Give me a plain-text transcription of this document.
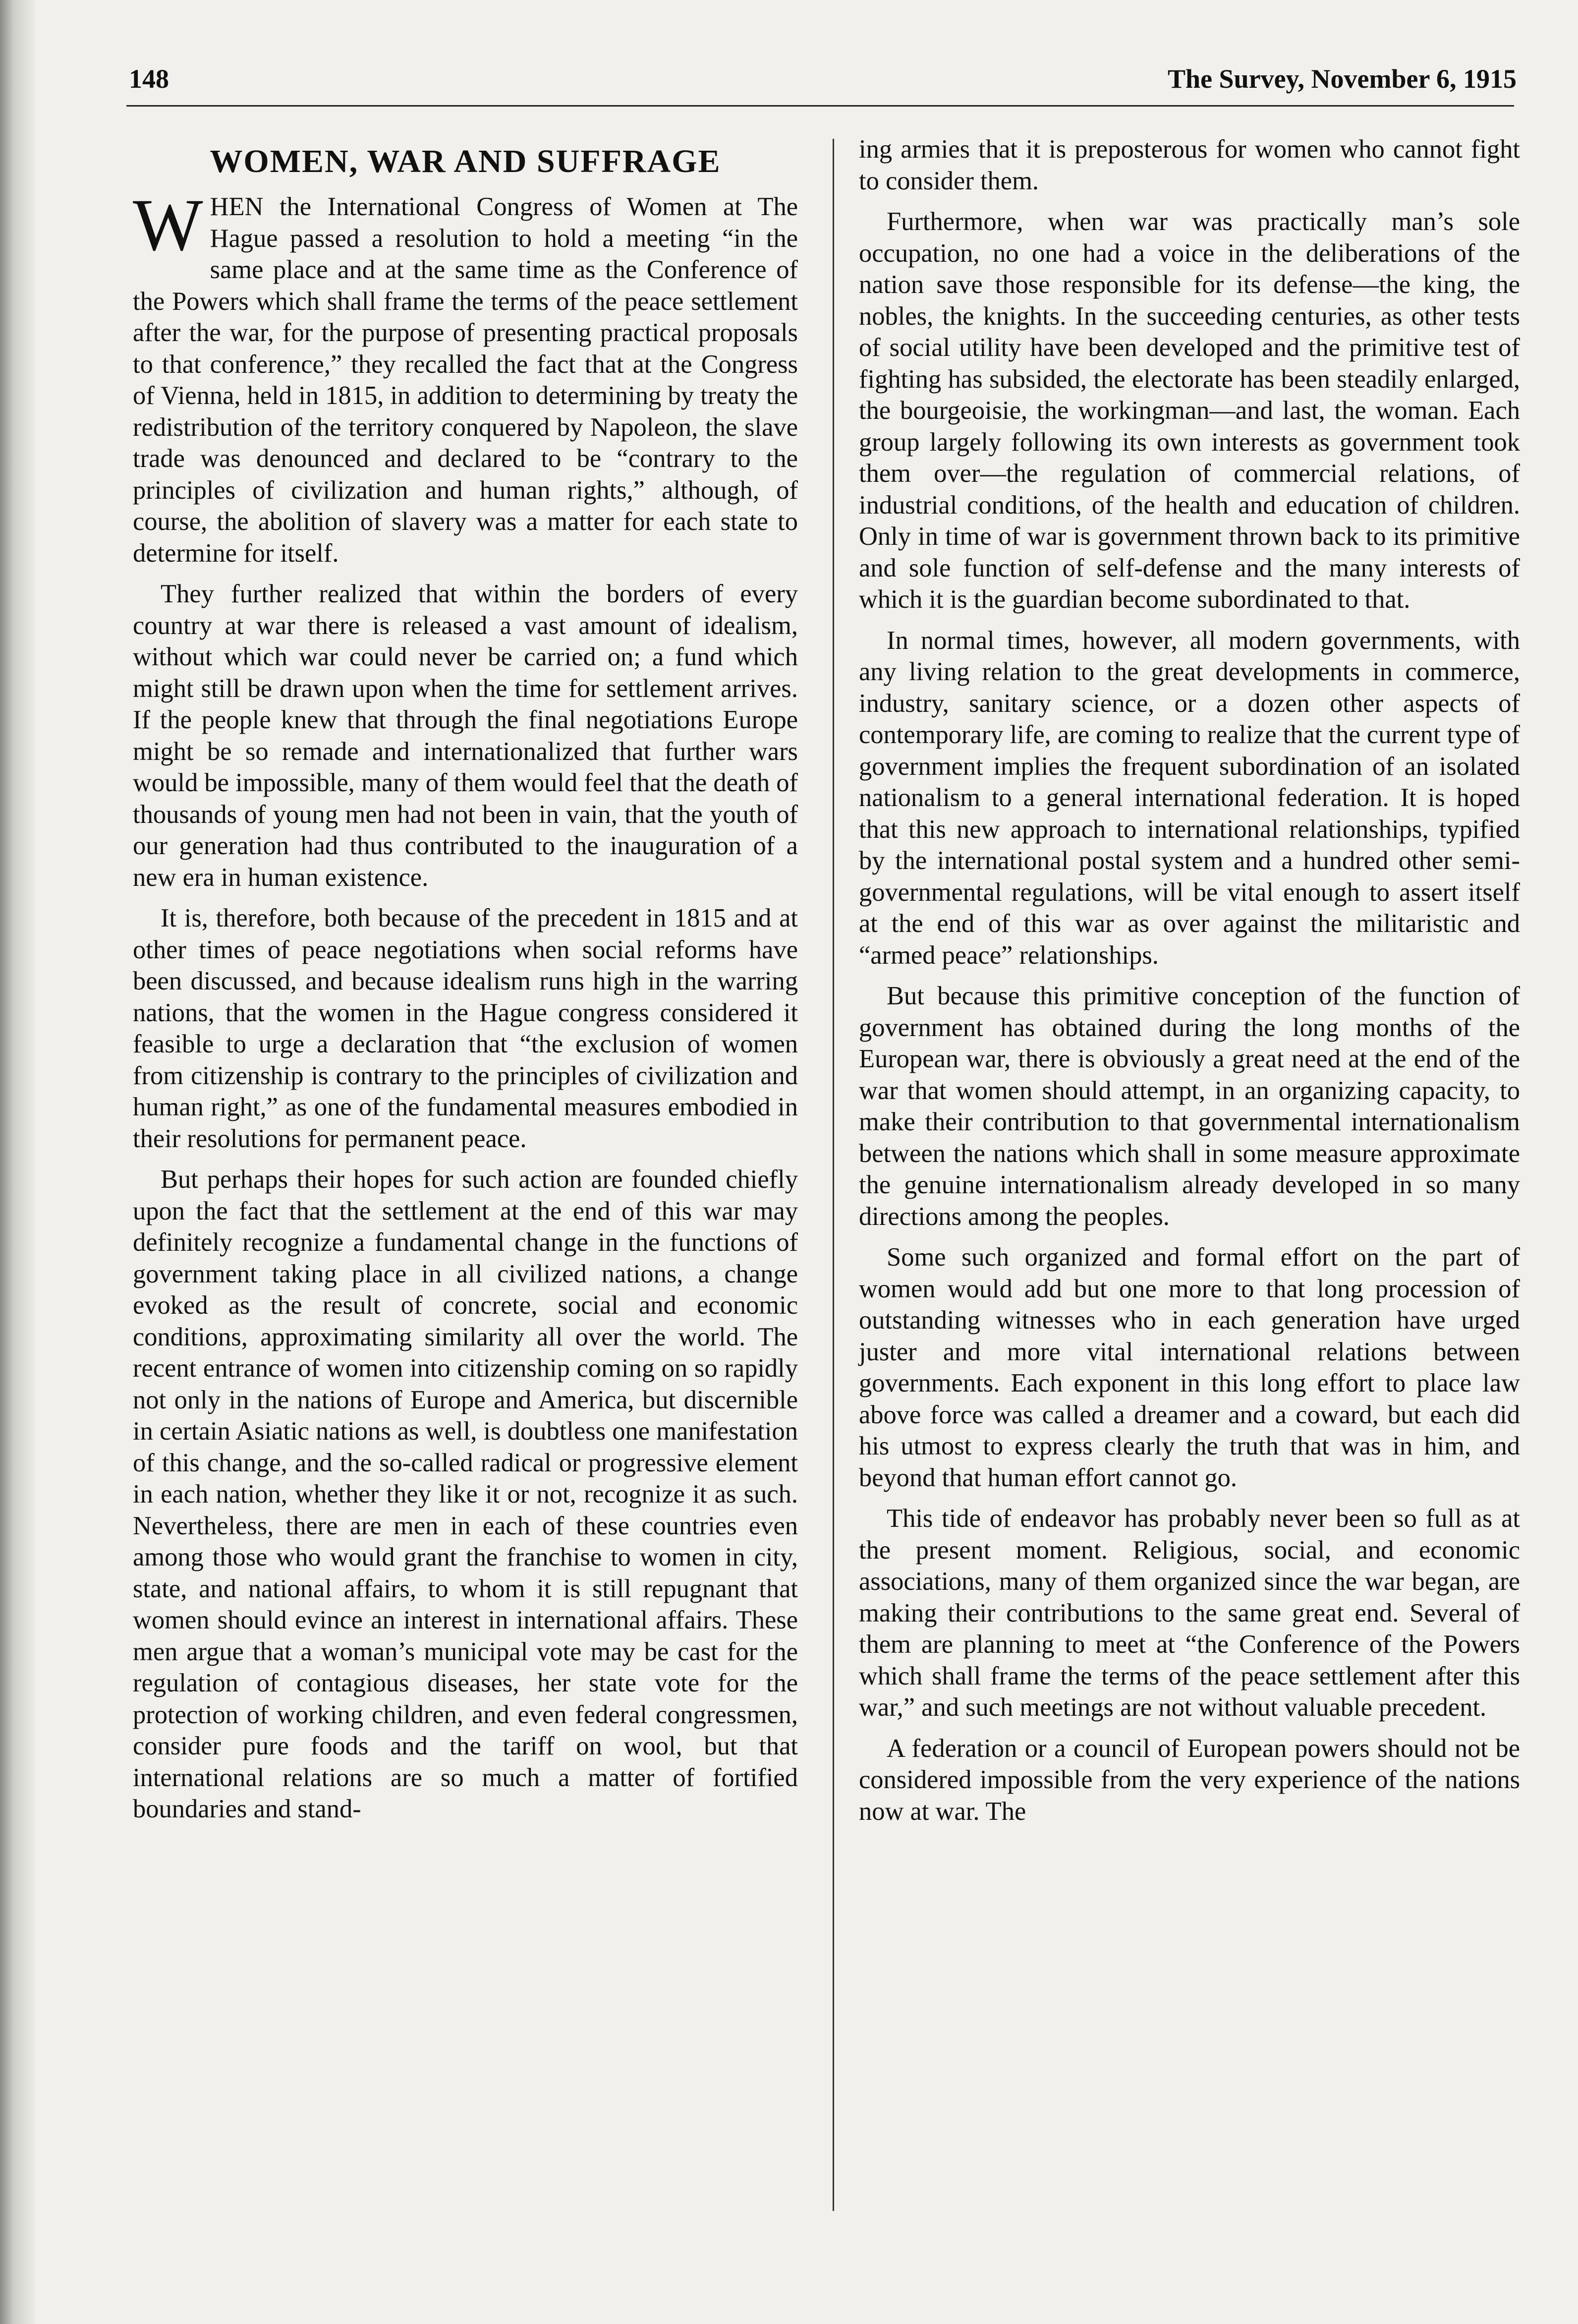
148	The Survey, November 6, 1915
WOMEN, WAR AND SUFFRAGE

WHEN the International Congress of Women at The Hague passed a resolution to hold a meeting “in the same place and at the same time as the Conference of the Powers which shall frame the terms of the peace settlement after the war, for the purpose of presenting practical proposals to that conference,” they recalled the fact that at the Congress of Vienna, held in 1815, in addition to determining by treaty the redistribution of the territory conquered by Napoleon, the slave trade was denounced and declared to be “contrary to the principles of civilization and human rights,” although, of course, the abolition of slavery was a matter for each state to determine for itself.

They further realized that within the borders of every country at war there is released a vast amount of idealism, without which war could never be carried on; a fund which might still be drawn upon when the time for settlement arrives. If the people knew that through the final negotiations Europe might be so remade and internationalized that further wars would be impossible, many of them would feel that the death of thousands of young men had not been in vain, that the youth of our generation had thus contributed to the inauguration of a new era in human existence.

It is, therefore, both because of the precedent in 1815 and at other times of peace negotiations when social reforms have been discussed, and because idealism runs high in the warring nations, that the women in the Hague congress considered it feasible to urge a declaration that “the exclusion of women from citizenship is contrary to the principles of civilization and human right,” as one of the fundamental measures embodied in their resolutions for permanent peace.

But perhaps their hopes for such action are founded chiefly upon the fact that the settlement at the end of this war may definitely recognize a fundamental change in the functions of government taking place in all civilized nations, a change evoked as the result of concrete, social and economic conditions, approximating similarity all over the world. The recent entrance of women into citizenship coming on so rapidly not only in the nations of Europe and America, but discernible in certain Asiatic nations as well, is doubtless one manifestation of this change, and the so-called radical or progressive element in each nation, whether they like it or not, recognize it as such. Nevertheless, there are men in each of these countries even among those who would grant the franchise to women in city, state, and national affairs, to whom it is still repugnant that women should evince an interest in international affairs. These men argue that a woman’s municipal vote may be cast for the regulation of contagious diseases, her state vote for the protection of working children, and even federal congressmen, consider pure foods and the tariff on wool, but that international relations are so much a matter of fortified boundaries and stand-

ing armies that it is preposterous for women who cannot fight to consider them.

Furthermore, when war was practically man’s sole occupation, no one had a voice in the deliberations of the nation save those responsible for its defense—the king, the nobles, the knights. In the succeeding centuries, as other tests of social utility have been developed and the primitive test of fighting has subsided, the electorate has been steadily enlarged, the bourgeoisie, the workingman—and last, the woman. Each group largely following its own interests as government took them over—the regulation of commercial relations, of industrial conditions, of the health and education of children. Only in time of war is government thrown back to its primitive and sole function of self-defense and the many interests of which it is the guardian become subordinated to that.

In normal times, however, all modern governments, with any living relation to the great developments in commerce, industry, sanitary science, or a dozen other aspects of contemporary life, are coming to realize that the current type of government implies the frequent subordination of an isolated nationalism to a general international federation. It is hoped that this new approach to international relationships, typified by the international postal system and a hundred other semi-governmental regulations, will be vital enough to assert itself at the end of this war as over against the militaristic and “armed peace” relationships.

But because this primitive conception of the function of government has obtained during the long months of the European war, there is obviously a great need at the end of the war that women should attempt, in an organizing capacity, to make their contribution to that governmental internationalism between the nations which shall in some measure approximate the genuine internationalism already developed in so many directions among the peoples.

Some such organized and formal effort on the part of women would add but one more to that long procession of outstanding witnesses who in each generation have urged juster and more vital international relations between governments. Each exponent in this long effort to place law above force was called a dreamer and a coward, but each did his utmost to express clearly the truth that was in him, and beyond that human effort cannot go.

This tide of endeavor has probably never been so full as at the present moment. Religious, social, and economic associations, many of them organized since the war began, are making their contributions to the same great end. Several of them are planning to meet at “the Conference of the Powers which shall frame the terms of the peace settlement after this war,” and such meetings are not without valuable precedent.

A federation or a council of European powers should not be considered impossible from the very experience of the nations now at war. The
